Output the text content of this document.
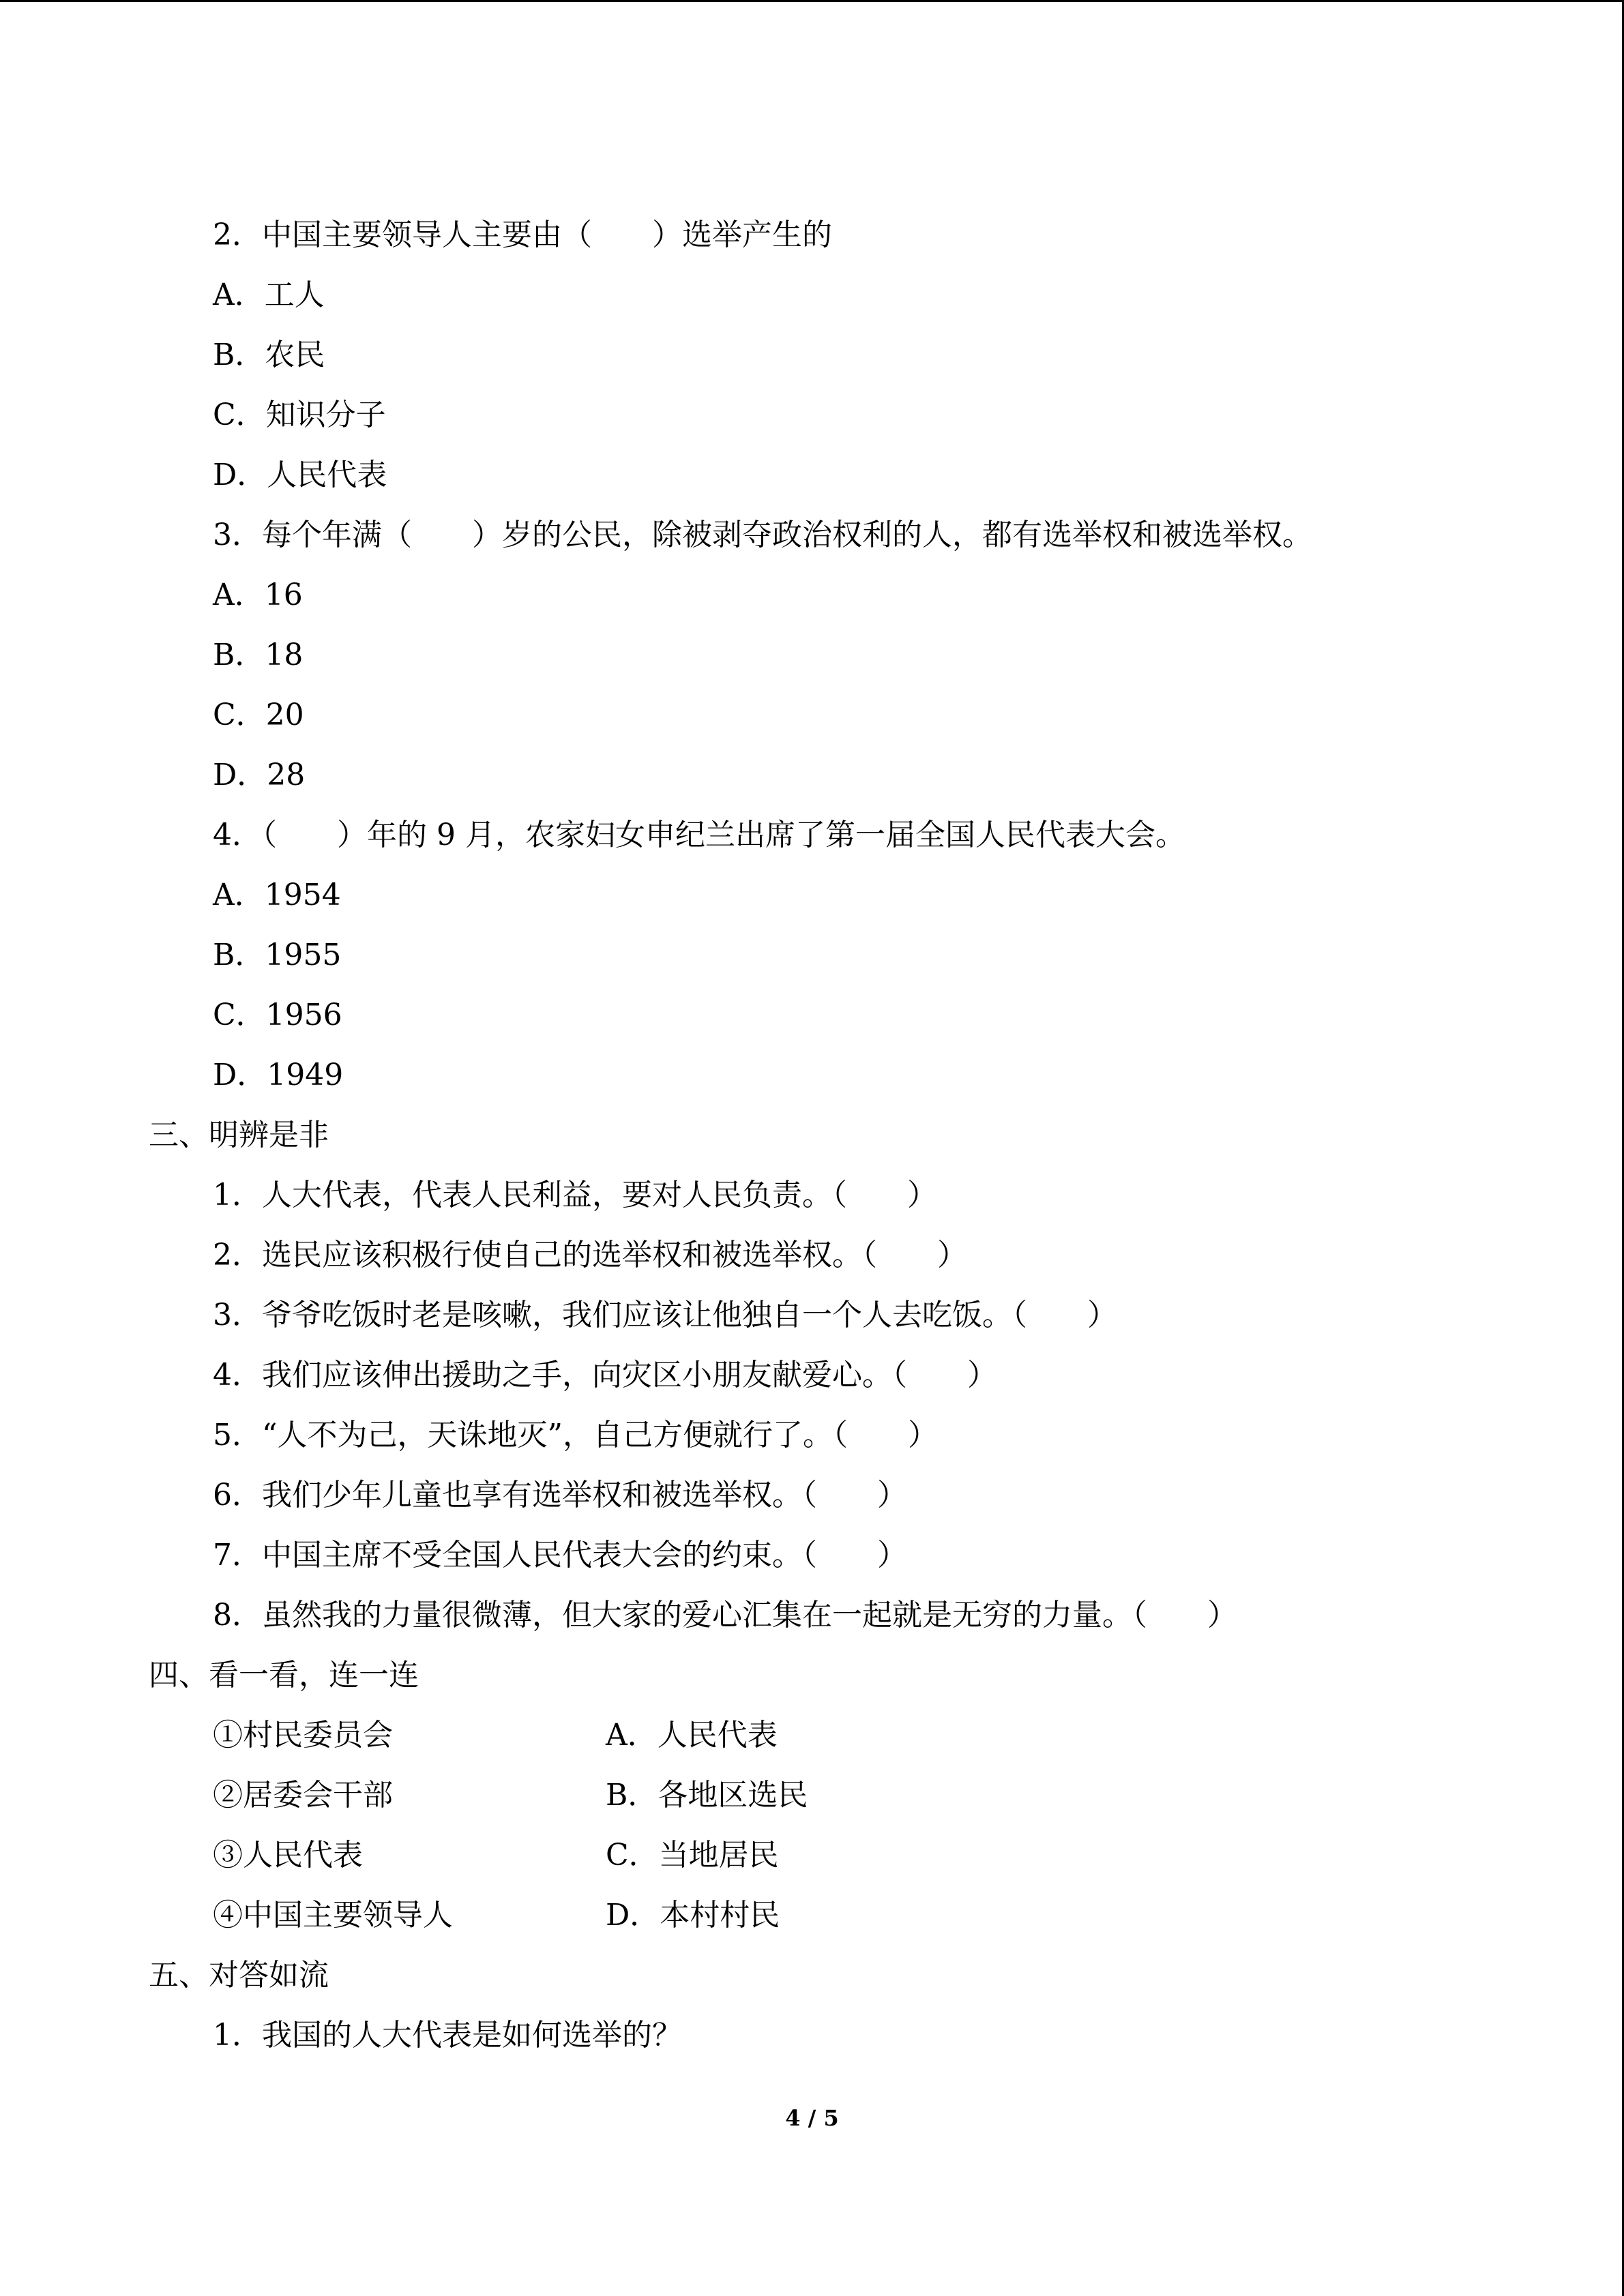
2．中国主要领导人主要由（　　）选举产生的
A．工人
B．农民
C．知识分子
D．人民代表
3．每个年满（　　）岁的公民，除被剥夺政治权利的人，都有选举权和被选举权。
A．16
B．18
C．20
D．28
4．（　　）年的 9 月，农家妇女申纪兰出席了第一届全国人民代表大会。
A．1954
B．1955
C．1956
D．1949
三、明辨是非
1．人大代表，代表人民利益，要对人民负责。（　　）
2．选民应该积极行使自己的选举权和被选举权。（　　）
3．爷爷吃饭时老是咳嗽，我们应该让他独自一个人去吃饭。（　　）
4．我们应该伸出援助之手，向灾区小朋友献爱心。（　　）
5．“人不为己，天诛地灭”，自己方便就行了。（　　）
6．我们少年儿童也享有选举权和被选举权。（　　）
7．中国主席不受全国人民代表大会的约束。（　　）
8．虽然我的力量很微薄，但大家的爱心汇集在一起就是无穷的力量。（　　）
四、看一看，连一连
①村民委员会	A．人民代表
②居委会干部	B．各地区选民
③人民代表	C．当地居民
④中国主要领导人	D．本村村民
五、对答如流
1．我国的人大代表是如何选举的？
4 / 5
